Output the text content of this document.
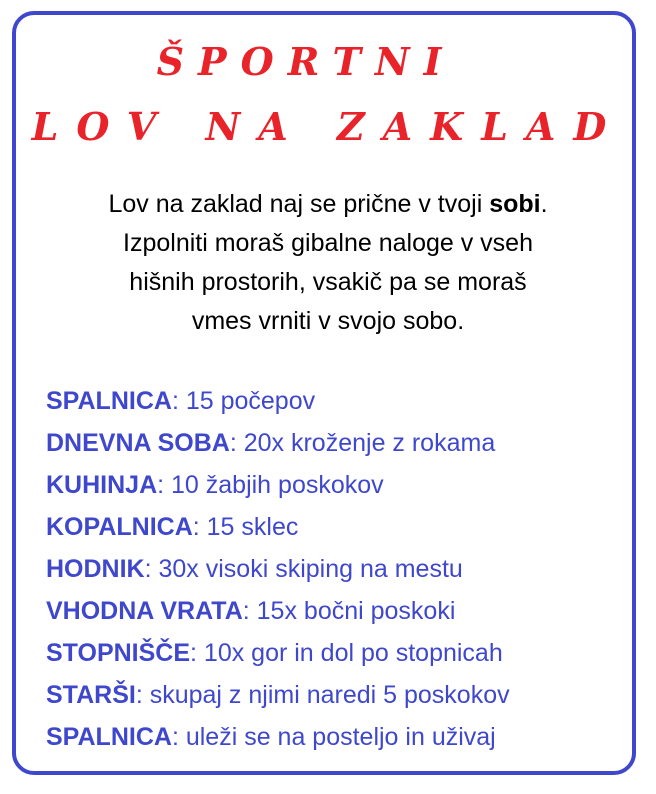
ŠPORTNI
LOV NA ZAKLAD
Lov na zaklad naj se prične v tvoji sobi.
Izpolniti moraš gibalne naloge v vseh
hišnih prostorih, vsakič pa se moraš
vmes vrniti v svojo sobo.
SPALNICA: 15 počepov
DNEVNA SOBA: 20x kroženje z rokama
KUHINJA: 10 žabjih poskokov
KOPALNICA: 15 sklec
HODNIK: 30x visoki skiping na mestu
VHODNA VRATA: 15x bočni poskoki
STOPNIŠČE: 10x gor in dol po stopnicah
STARŠI: skupaj z njimi naredi 5 poskokov
SPALNICA: uleži se na posteljo in uživaj
